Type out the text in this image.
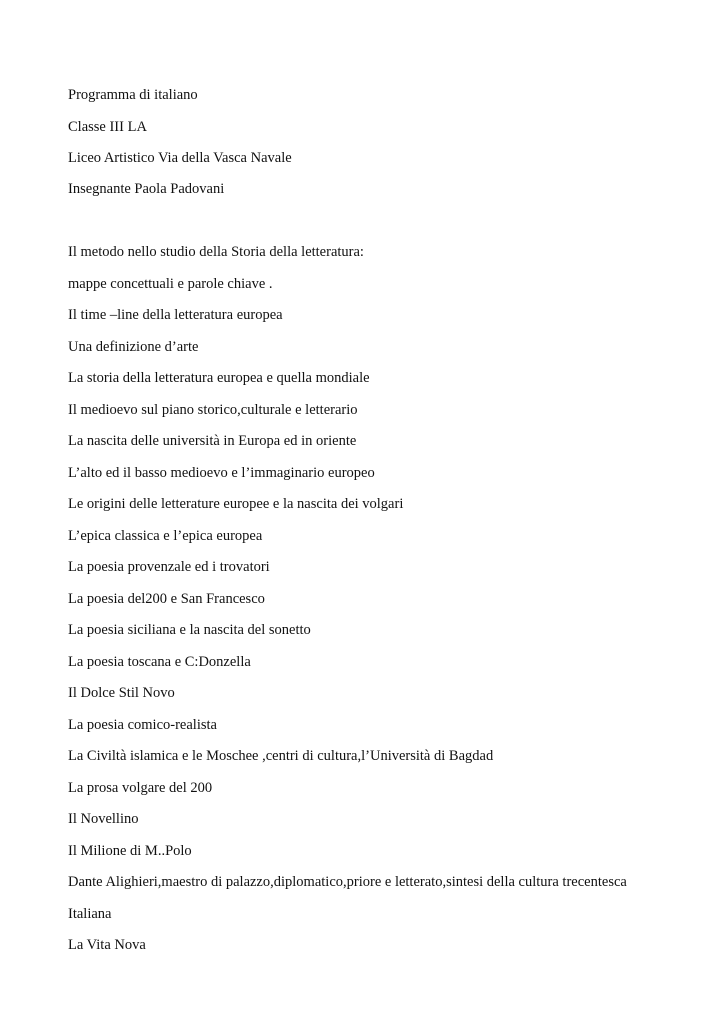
Programma di italiano
Classe III LA
Liceo Artistico Via della Vasca Navale
Insegnante Paola Padovani
Il metodo nello studio della Storia della letteratura:
mappe concettuali e parole chiave .
Il time –line della letteratura europea
Una definizione d’arte
La storia della letteratura europea e quella mondiale
Il medioevo sul piano storico,culturale e letterario
La nascita delle università in Europa ed in oriente
L’alto ed il basso medioevo e l’immaginario europeo
Le origini delle letterature europee e la nascita dei volgari
L’epica classica e l’epica europea
La poesia provenzale ed i trovatori
La poesia del200 e San Francesco
La poesia siciliana e la nascita del sonetto
La poesia toscana e C:Donzella
Il Dolce Stil Novo
La poesia comico-realista
La Civiltà islamica e le Moschee ,centri di cultura,l’Università di Bagdad
La prosa volgare del 200
Il Novellino
Il Milione di M..Polo
Dante Alighieri,maestro di palazzo,diplomatico,priore e letterato,sintesi della cultura trecentesca
Italiana
La Vita Nova
